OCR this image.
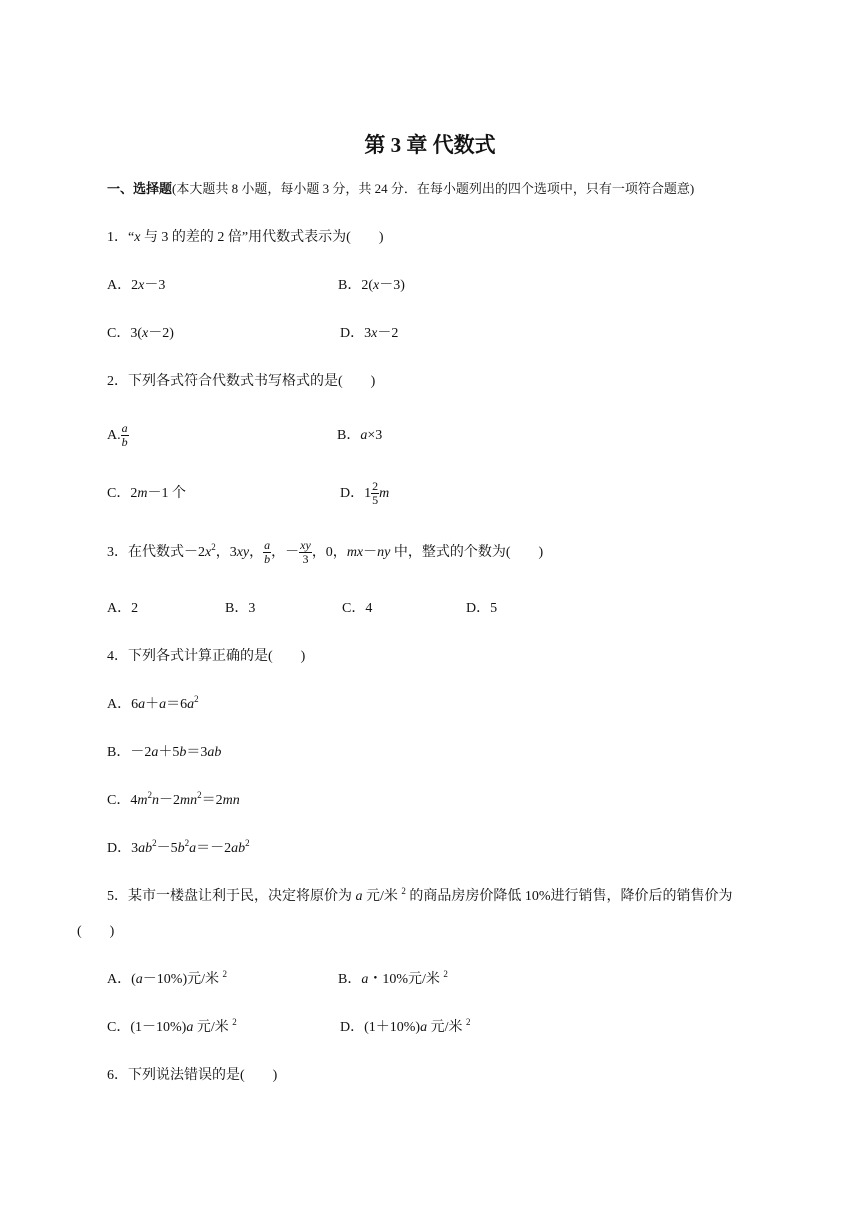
第 3 章 代数式
一、选择题(本大题共 8 小题，每小题 3 分，共 24 分．在每小题列出的四个选项中，只有一项符合题意)
1．“x 与 3 的差的 2 倍”用代数式表示为(　　)
A．2x－3	B．2(x－3)
C．3(x－2)	D．3x－2
2．下列各式符合代数式书写格式的是(　　)
A. $\frac{a}{b}$	B．a×3
C．2m－1 个	D．$1 \frac{2}{5}$ m
3．在代数式$-2x^2$，3xy， $\frac{a}{b}$ ，－ $\frac{xy}{3}$ ，0，mx－ny 中，整式的个数为(　　)
A．2	B．3	C．4	D．5
4．下列各式计算正确的是(　　)
A．$6a+a=6a^2$
B．－2a＋5b＝3ab
C．$4m^2n-2mn^2=2mn$
D．$3ab^2-5b^2a=-2ab^2$
5．某市一楼盘让利于民，决定将原价为 a 元/米 $^2$ 的商品房房价降低 10%进行销售，降价后的销售价为
(　　)
A．(a－10%)元/米 $^2$	B．a・10%元/米 $^2$
C．(1－10%)a 元/米 $^2$	D．(1＋10%)a 元/米 $^2$
6．下列说法错误的是(　　)
